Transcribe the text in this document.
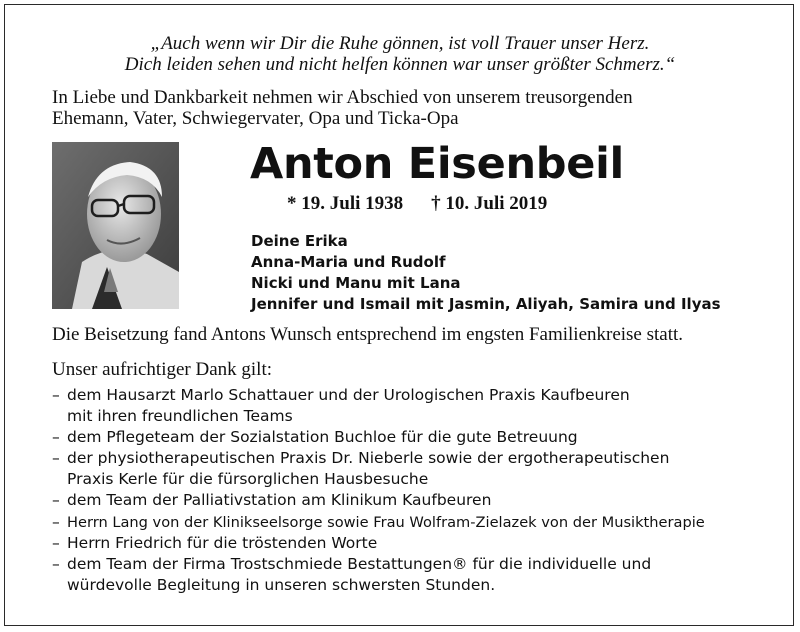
„Auch wenn wir Dir die Ruhe gönnen, ist voll Trauer unser Herz.
Dich leiden sehen und nicht helfen können war unser größter Schmerz.“
In Liebe und Dankbarkeit nehmen wir Abschied von unserem treusorgenden
Ehemann, Vater, Schwiegervater, Opa und Ticka-Opa
Anton Eisenbeil
* 19. Juli 1938 † 10. Juli 2019
Deine Erika
Anna-Maria und Rudolf
Nicki und Manu mit Lana
Jennifer und Ismail mit Jasmin, Aliyah, Samira und Ilyas
Die Beisetzung fand Antons Wunsch entsprechend im engsten Familienkreise statt.
Unser aufrichtiger Dank gilt:
– dem Hausarzt Marlo Schattauer und der Urologischen Praxis Kaufbeuren
mit ihren freundlichen Teams
– dem Pflegeteam der Sozialstation Buchloe für die gute Betreuung
– der physiotherapeutischen Praxis Dr. Nieberle sowie der ergotherapeutischen
Praxis Kerle für die fürsorglichen Hausbesuche
– dem Team der Palliativstation am Klinikum Kaufbeuren
– Herrn Lang von der Klinikseelsorge sowie Frau Wolfram-Zielazek von der Musiktherapie
– Herrn Friedrich für die tröstenden Worte
– dem Team der Firma Trostschmiede Bestattungen® für die individuelle und
würdevolle Begleitung in unseren schwersten Stunden.
